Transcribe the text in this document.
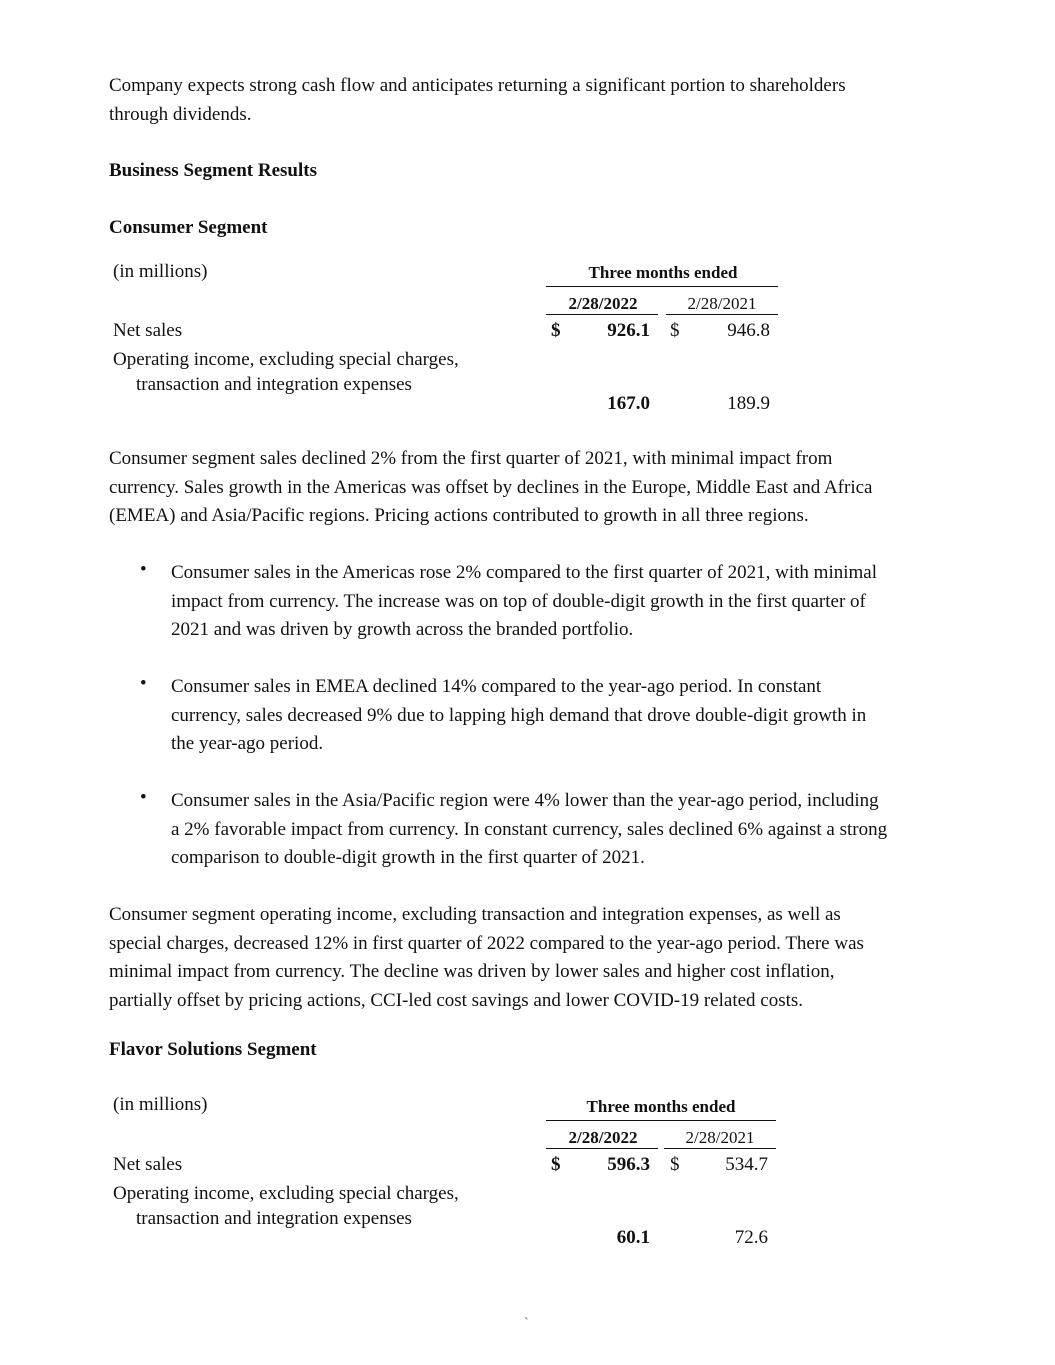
Company expects strong cash flow and anticipates returning a significant portion to shareholders
through dividends.
Business Segment Results
Consumer Segment
(in millions)	Three months ended
2/28/2022	2/28/2021
Net sales	$	926.1 $	946.8
Operating income, excluding special charges,
transaction and integration expenses
167.0	189.9
Consumer segment sales declined 2% from the first quarter of 2021, with minimal impact from
currency. Sales growth in the Americas was offset by declines in the Europe, Middle East and Africa
(EMEA) and Asia/Pacific regions. Pricing actions contributed to growth in all three regions.
• Consumer sales in the Americas rose 2% compared to the first quarter of 2021, with minimal
impact from currency. The increase was on top of double-digit growth in the first quarter of
2021 and was driven by growth across the branded portfolio.
• Consumer sales in EMEA declined 14% compared to the year-ago period. In constant
currency, sales decreased 9% due to lapping high demand that drove double-digit growth in
the year-ago period.
• Consumer sales in the Asia/Pacific region were 4% lower than the year-ago period, including
a 2% favorable impact from currency. In constant currency, sales declined 6% against a strong
comparison to double-digit growth in the first quarter of 2021.
Consumer segment operating income, excluding transaction and integration expenses, as well as
special charges, decreased 12% in first quarter of 2022 compared to the year-ago period. There was
minimal impact from currency. The decline was driven by lower sales and higher cost inflation,
partially offset by pricing actions, CCI-led cost savings and lower COVID-19 related costs.
Flavor Solutions Segment
(in millions)	Three months ended
2/28/2022	2/28/2021
Net sales	$	596.3 $	534.7
Operating income, excluding special charges,
transaction and integration expenses
60.1	72.6
`
